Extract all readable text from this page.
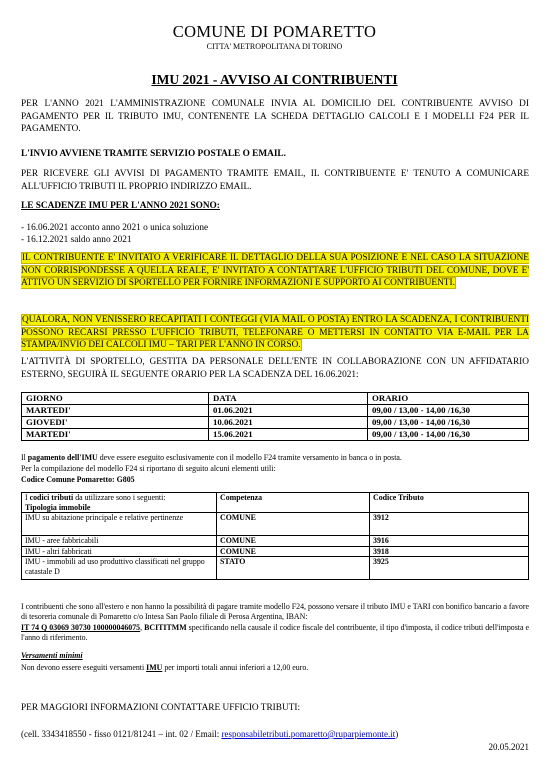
COMUNE DI POMARETTO
CITTA' METROPOLITANA DI TORINO
IMU 2021 - AVVISO AI CONTRIBUENTI
PER L'ANNO 2021 L'AMMINISTRAZIONE COMUNALE INVIA AL DOMICILIO DEL CONTRIBUENTE AVVISO DI PAGAMENTO PER IL TRIBUTO IMU, CONTENENTE LA SCHEDA DETTAGLIO CALCOLI E I MODELLI F24 PER IL PAGAMENTO.
L'INVIO AVVIENE TRAMITE SERVIZIO POSTALE O EMAIL.
PER RICEVERE GLI AVVISI DI PAGAMENTO TRAMITE EMAIL, IL CONTRIBUENTE E' TENUTO A COMUNICARE ALL'UFFICIO TRIBUTI IL PROPRIO INDIRIZZO EMAIL.
LE SCADENZE IMU PER L'ANNO 2021 SONO:
- 16.06.2021 acconto anno 2021 o unica soluzione
- 16.12.2021 saldo anno 2021
IL CONTRIBUENTE E' INVITATO A VERIFICARE IL DETTAGLIO DELLA SUA POSIZIONE E NEL CASO LA SITUAZIONE NON CORRISPONDESSE A QUELLA REALE, E' INVITATO A CONTATTARE L'UFFICIO TRIBUTI DEL COMUNE, DOVE E' ATTIVO UN SERVIZIO DI SPORTELLO PER FORNIRE INFORMAZIONI E SUPPORTO AI CONTRIBUENTI.
QUALORA, NON VENISSERO RECAPITATI I CONTEGGI (VIA MAIL O POSTA) ENTRO LA SCADENZA, I CONTRIBUENTI POSSONO RECARSI PRESSO L'UFFICIO TRIBUTI, TELEFONARE O METTERSI IN CONTATTO VIA E-MAIL PER LA STAMPA/INVIO DEI CALCOLI IMU – TARI PER L'ANNO IN CORSO.
L'ATTIVITÀ DI SPORTELLO, GESTITA DA PERSONALE DELL'ENTE IN COLLABORAZIONE CON UN AFFIDATARIO ESTERNO, SEGUIRÀ IL SEGUENTE ORARIO PER LA SCADENZA DEL 16.06.2021:
GIORNO	DATA	ORARIO
MARTEDI'	01.06.2021	09,00 / 13,00 - 14,00 /16,30
GIOVEDI'	10.06.2021	09,00 / 13,00 - 14,00 /16,30
MARTEDI'	15.06.2021	09,00 / 13,00 - 14,00 /16,30
Il pagamento dell'IMU deve essere eseguito esclusivamente con il modello F24 tramite versamento in banca o in posta.
Per la compilazione del modello F24 si riportano di seguito alcuni elementi utili:
Codice Comune Pomaretto: G805
I codici tributi da utilizzare sono i seguenti:
Tipologia immobile	Competenza	Codice Tributo
IMU su abitazione principale e relative pertinenze	COMUNE	3912
IMU - aree fabbricabili	COMUNE	3916
IMU - altri fabbricati	COMUNE	3918
IMU - immobili ad uso produttivo classificati nel gruppo catastale D	STATO	3925
I contribuenti che sono all'estero e non hanno la possibilità di pagare tramite modello F24, possono versare il tributo IMU e TARI con bonifico bancario a favore di tesoreria comunale di Pomaretto c/o Intesa San Paolo filiale di Perosa Argentina, IBAN:
IT 74 Q 03069 30730 100000046075, BCITITMM specificando nella causale il codice fiscale del contribuente, il tipo d'imposta, il codice tributi dell'imposta e l'anno di riferimento.
Versamenti minimi
Non devono essere eseguiti versamenti IMU per importi totali annui inferiori a 12,00 euro.
PER MAGGIORI INFORMAZIONI CONTATTARE UFFICIO TRIBUTI:
(cell. 3343418550 - fisso 0121/81241 – int. 02 / Email: responsabiletributi.pomaretto@ruparpiemonte.it)
20.05.2021
